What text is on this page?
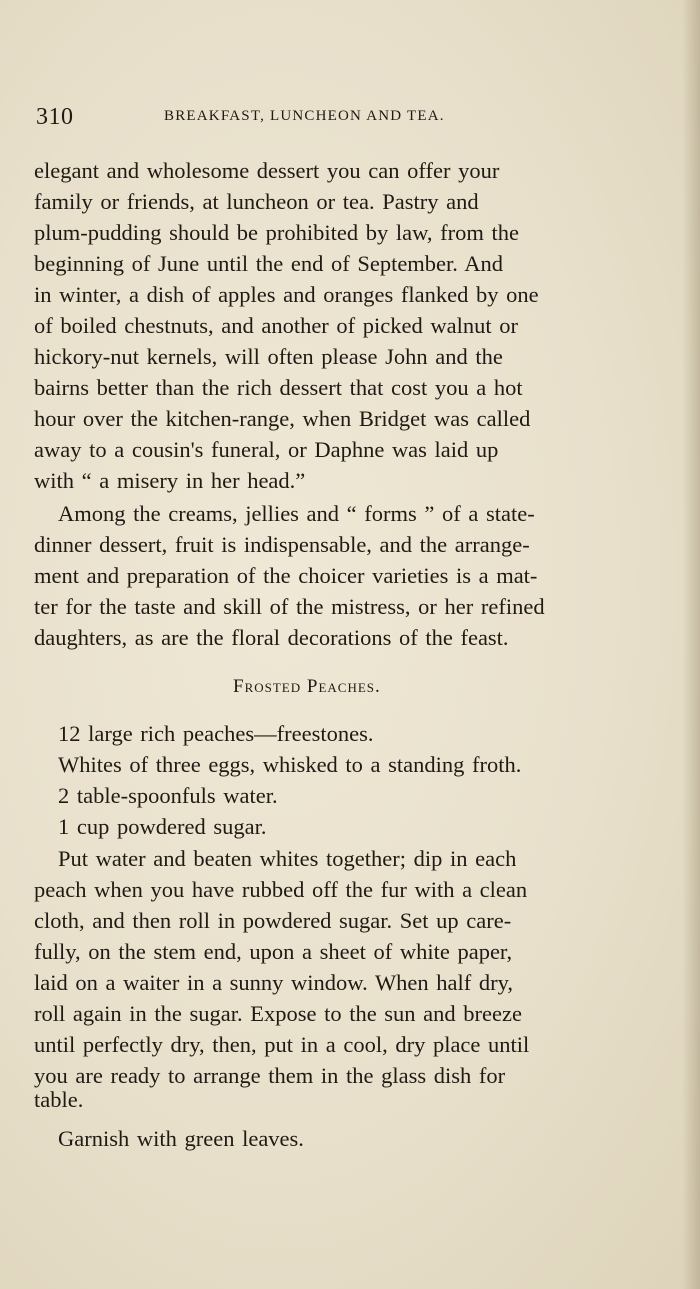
310	BREAKFAST, LUNCHEON AND TEA.
elegant and wholesome dessert you can offer your
family or friends, at luncheon or tea. Pastry and
plum-pudding should be prohibited by law, from the
beginning of June until the end of September. And
in winter, a dish of apples and oranges flanked by one
of boiled chestnuts, and another of picked walnut or
hickory-nut kernels, will often please John and the
bairns better than the rich dessert that cost you a hot
hour over the kitchen-range, when Bridget was called
away to a cousin's funeral, or Daphne was laid up
with “ a misery in her head.”
Among the creams, jellies and “ forms ” of a state-
dinner dessert, fruit is indispensable, and the arrange-
ment and preparation of the choicer varieties is a mat-
ter for the taste and skill of the mistress, or her refined
daughters, as are the floral decorations of the feast.
Frosted Peaches.
12 large rich peaches—freestones.
Whites of three eggs, whisked to a standing froth.
2 table-spoonfuls water.
1 cup powdered sugar.
Put water and beaten whites together; dip in each
peach when you have rubbed off the fur with a clean
cloth, and then roll in powdered sugar. Set up care-
fully, on the stem end, upon a sheet of white paper,
laid on a waiter in a sunny window. When half dry,
roll again in the sugar. Expose to the sun and breeze
until perfectly dry, then, put in a cool, dry place until
you are ready to arrange them in the glass dish for
table.
Garnish with green leaves.
